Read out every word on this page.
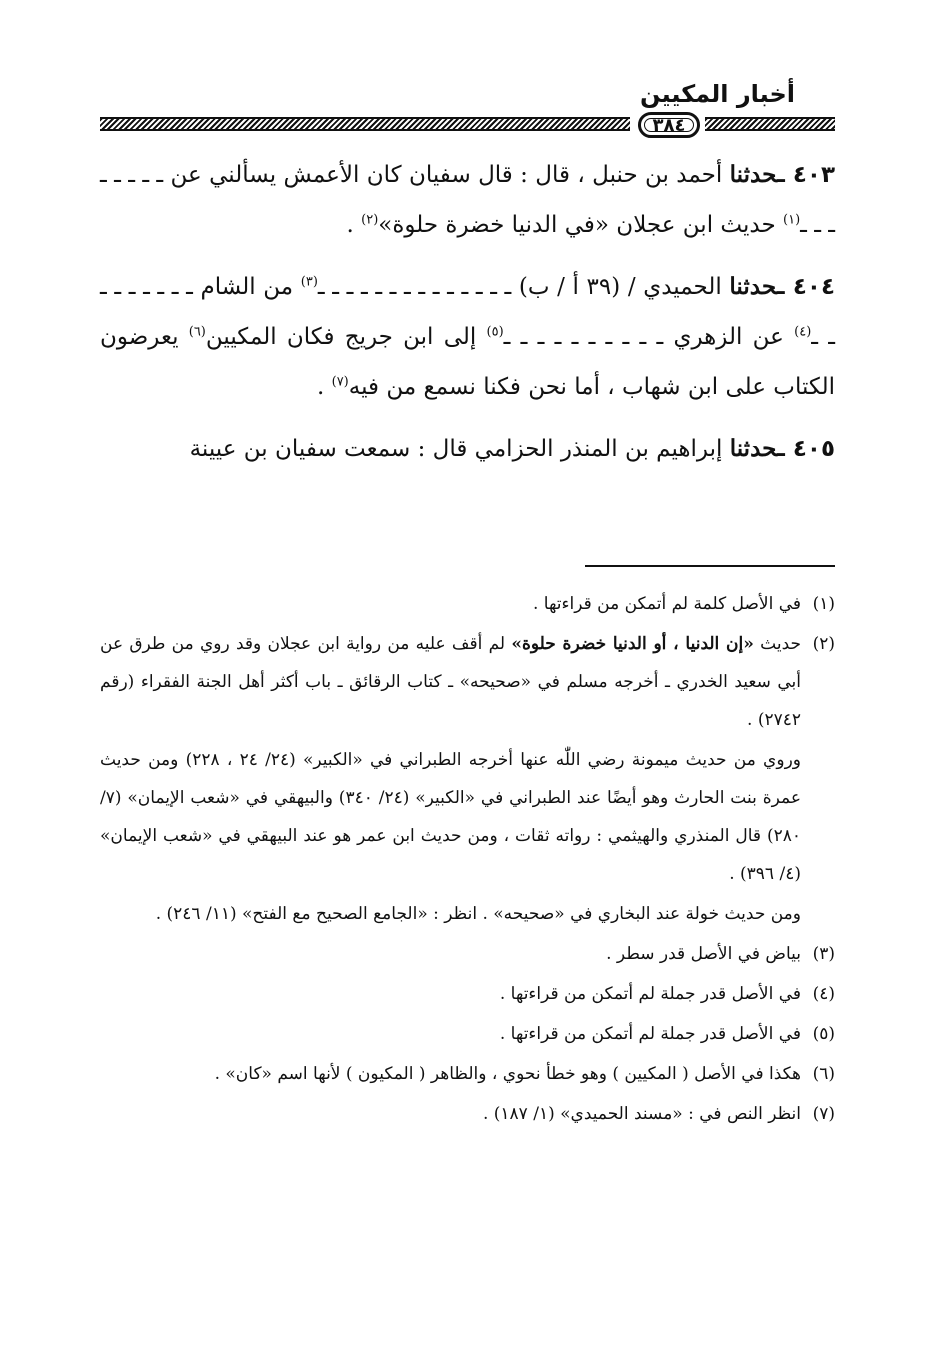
٣٨٤
أخبار المكيين

٤٠٣ ـحدثنا أحمد بن حنبل ، قال : قال سفيان كان الأعمش يسألني عن ـ ـ ـ ـ ـ ـ ـ ـ$^{(١)}$ حديث ابن عجلان «في الدنيا خضرة حلوة»$^{(٢)}$ .

٤٠٤ ـحدثنا الحميدي / (٣٩ أ / ب) ـ ـ ـ ـ ـ ـ ـ ـ ـ ـ ـ ـ ـ ـ$^{(٣)}$ من الشام ـ ـ ـ ـ ـ ـ ـ ـ ـ$^{(٤)}$ عن الزهري ـ ـ ـ ـ ـ ـ ـ ـ ـ ـ$^{(٥)}$ إلى ابن جريج فكان المكيين$^{(٦)}$ يعرضون الكتاب على ابن شهاب ، أما نحن فكنا نسمع من فيه$^{(٧)}$ .

٤٠٥ ـحدثنا إبراهيم بن المنذر الحزامي قال : سمعت سفيان بن عيينة

(١)
في الأصل كلمة لم أتمكن من قراءتها .
(٢)
حديث «إن الدنيا ، أو الدنيا خضرة حلوة» لم أقف عليه من رواية ابن عجلان وقد روي من طرق عن أبي سعيد الخدري ـ أخرجه مسلم في «صحيحه» ـ كتاب الرقائق ـ باب أكثر أهل الجنة الفقراء (رقم ٢٧٤٢) .
وروي من حديث ميمونة رضي اللّٰه عنها أخرجه الطبراني في «الكبير» (٢٤/ ٢٤ ، ٢٢٨) ومن حديث عمرة بنت الحارث وهو أيضًا عند الطبراني في «الكبير» (٢٤/ ٣٤٠) والبيهقي في «شعب الإيمان» (٧/ ٢٨٠) قال المنذري والهيثمي : رواته ثقات ، ومن حديث ابن عمر هو عند البيهقي في «شعب الإيمان» (٤/ ٣٩٦) .
ومن حديث خولة عند البخاري في «صحيحه» . انظر : «الجامع الصحيح مع الفتح» (١١/ ٢٤٦) .
(٣)
بياض في الأصل قدر سطر .
(٤)
في الأصل قدر جملة لم أتمكن من قراءتها .
(٥)
في الأصل قدر جملة لم أتمكن من قراءتها .
(٦)
هكذا في الأصل ( المكيين ) وهو خطأ نحوي ، والظاهر ( المكيون ) لأنها اسم «كان» .
(٧)
انظر النص في : «مسند الحميدي» (١/ ١٨٧) .
